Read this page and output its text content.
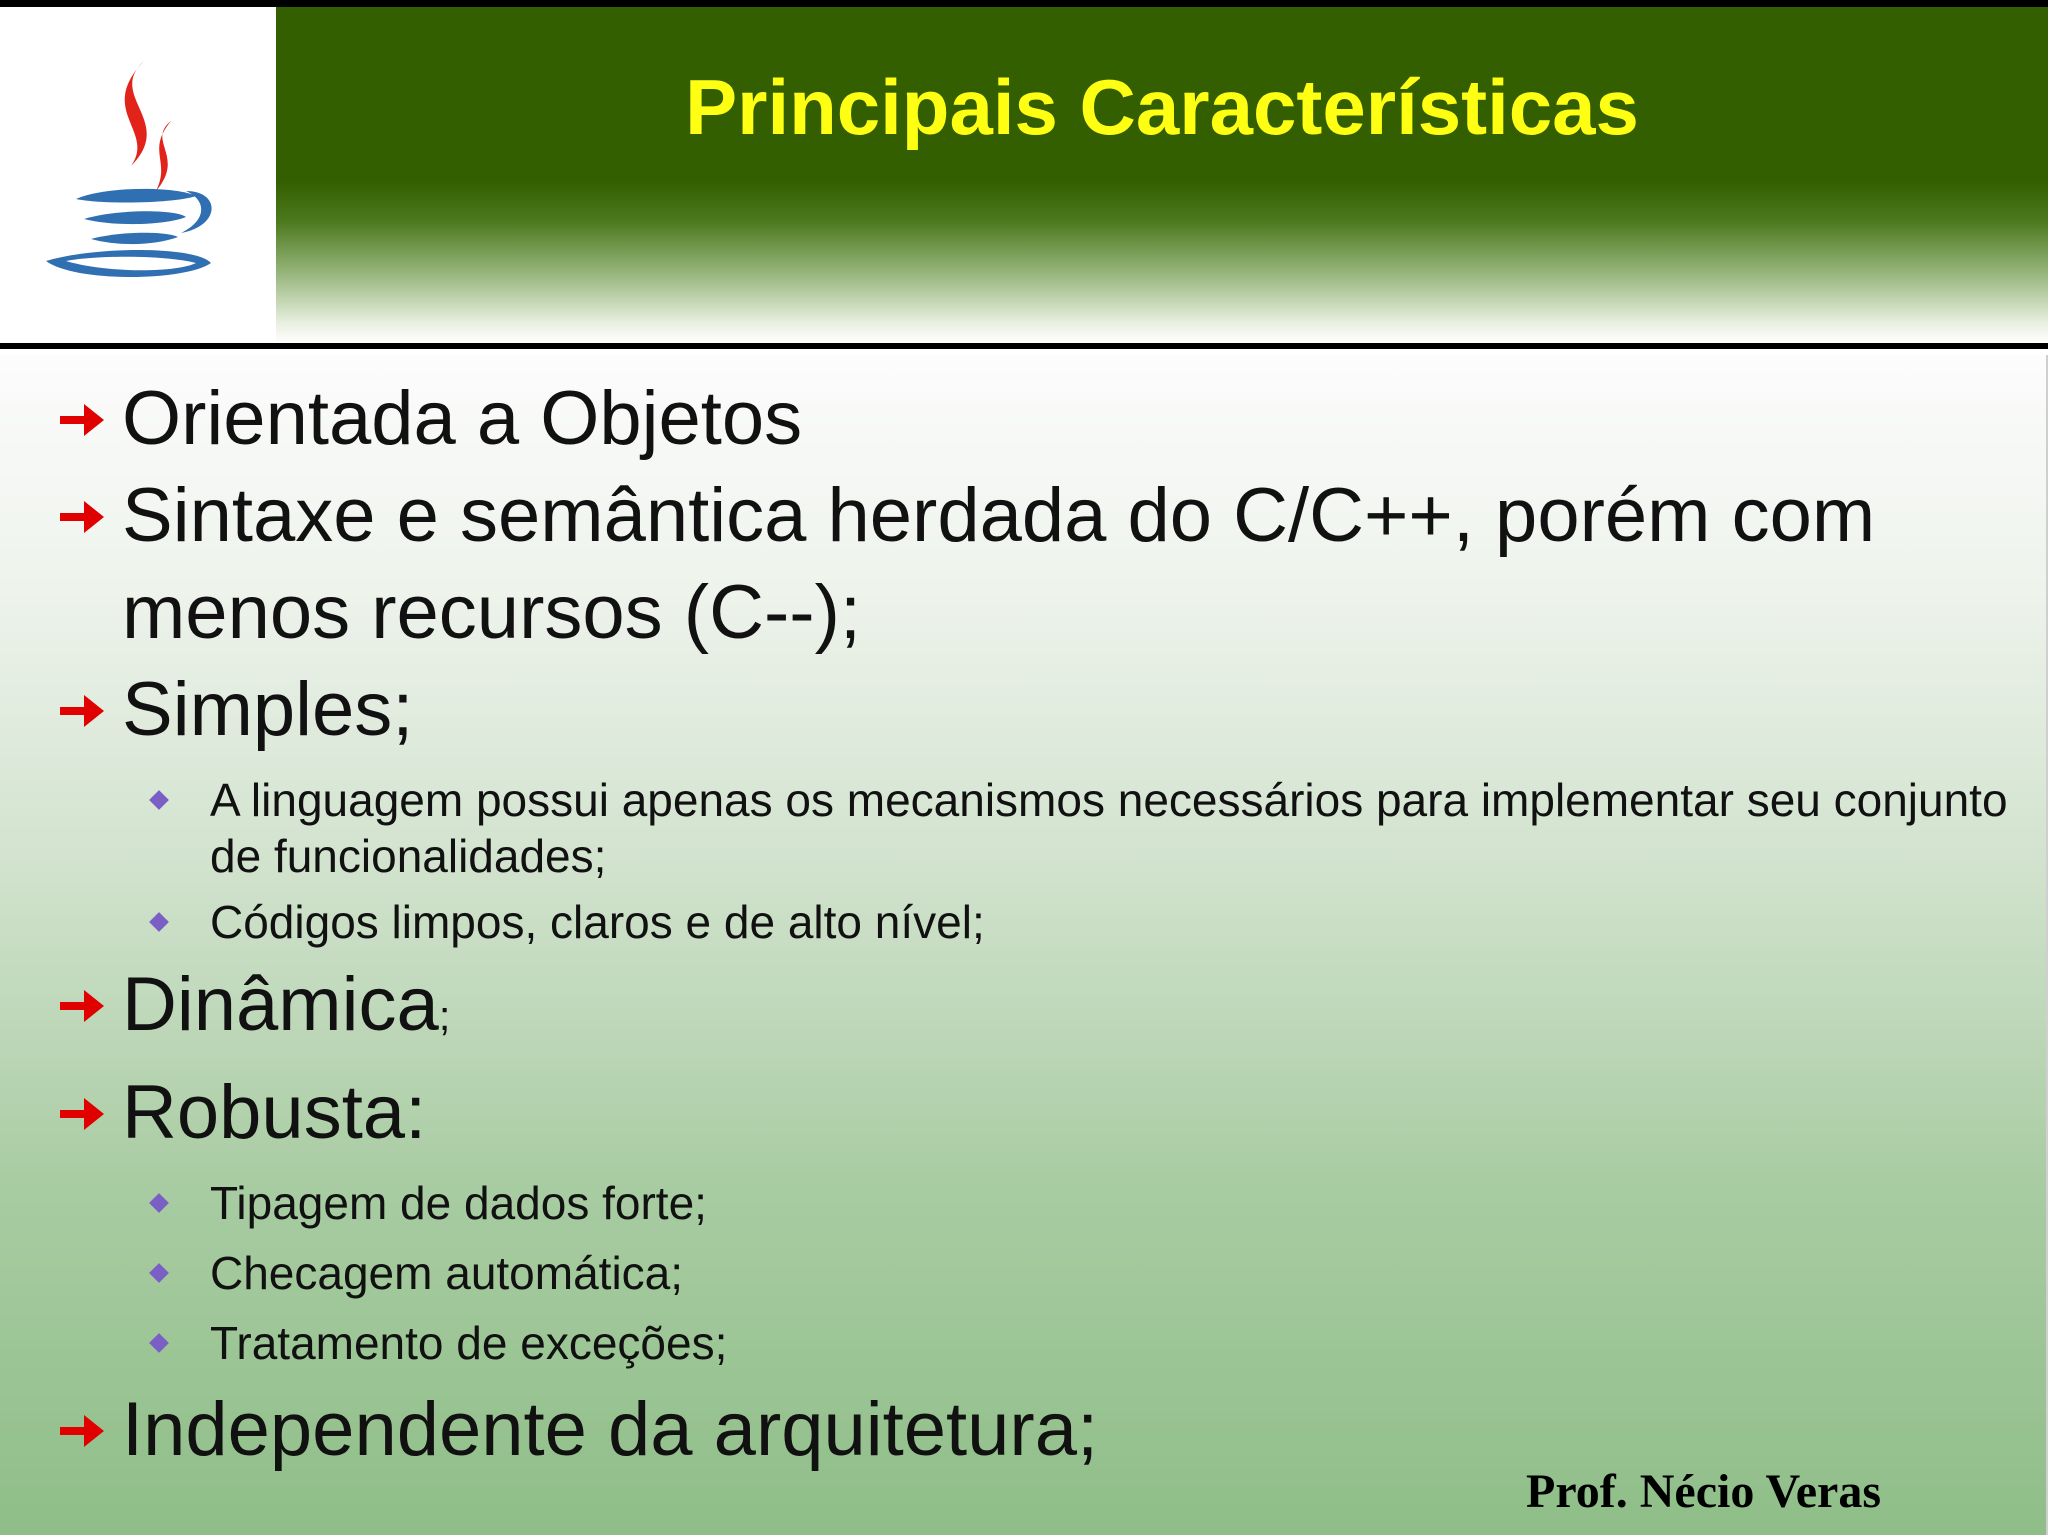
Principais Características
Orientada a Objetos
Sintaxe e semântica herdada do C/C++, porém com menos recursos (C--);
Simples;
A linguagem possui apenas os mecanismos necessários para implementar seu conjunto de funcionalidades;
Códigos limpos, claros e de alto nível;
Dinâmica;
Robusta:
Tipagem de dados forte;
Checagem automática;
Tratamento de exceções;
Independente da arquitetura;
Prof. Nécio Veras
